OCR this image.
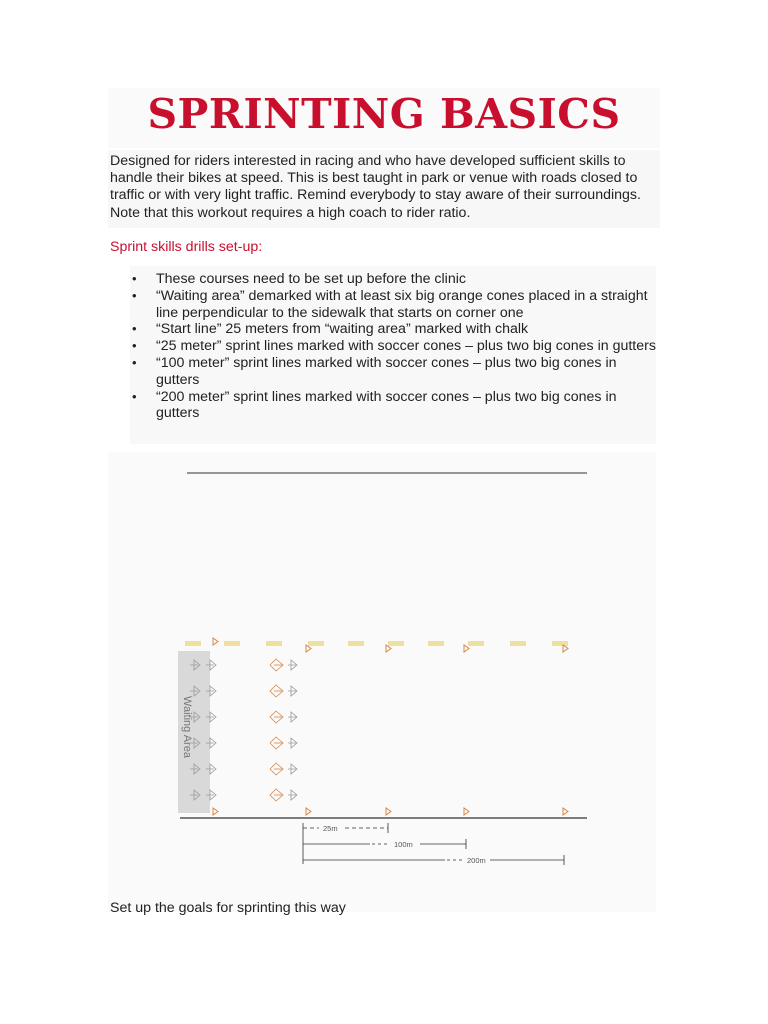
SPRINTING BASICS

Designed for riders interested in racing and who have developed sufficient skills to handle their bikes at speed. This is best taught in park or venue with roads closed to traffic or with very light traffic. Remind everybody to stay aware of their surroundings. Note that this workout requires a high coach to rider ratio.

Sprint skills drills set-up:

• These courses need to be set up before the clinic
• “Waiting area” demarked with at least six big orange cones placed in a straight line perpendicular to the sidewalk that starts on corner one
• “Start line” 25 meters from “waiting area” marked with chalk
• “25 meter” sprint lines marked with soccer cones – plus two big cones in gutters
• “100 meter” sprint lines marked with soccer cones – plus two big cones in gutters
• “200 meter” sprint lines marked with soccer cones – plus two big cones in gutters
Waiting Area
25m
100m
200m

Set up the goals for sprinting this way
